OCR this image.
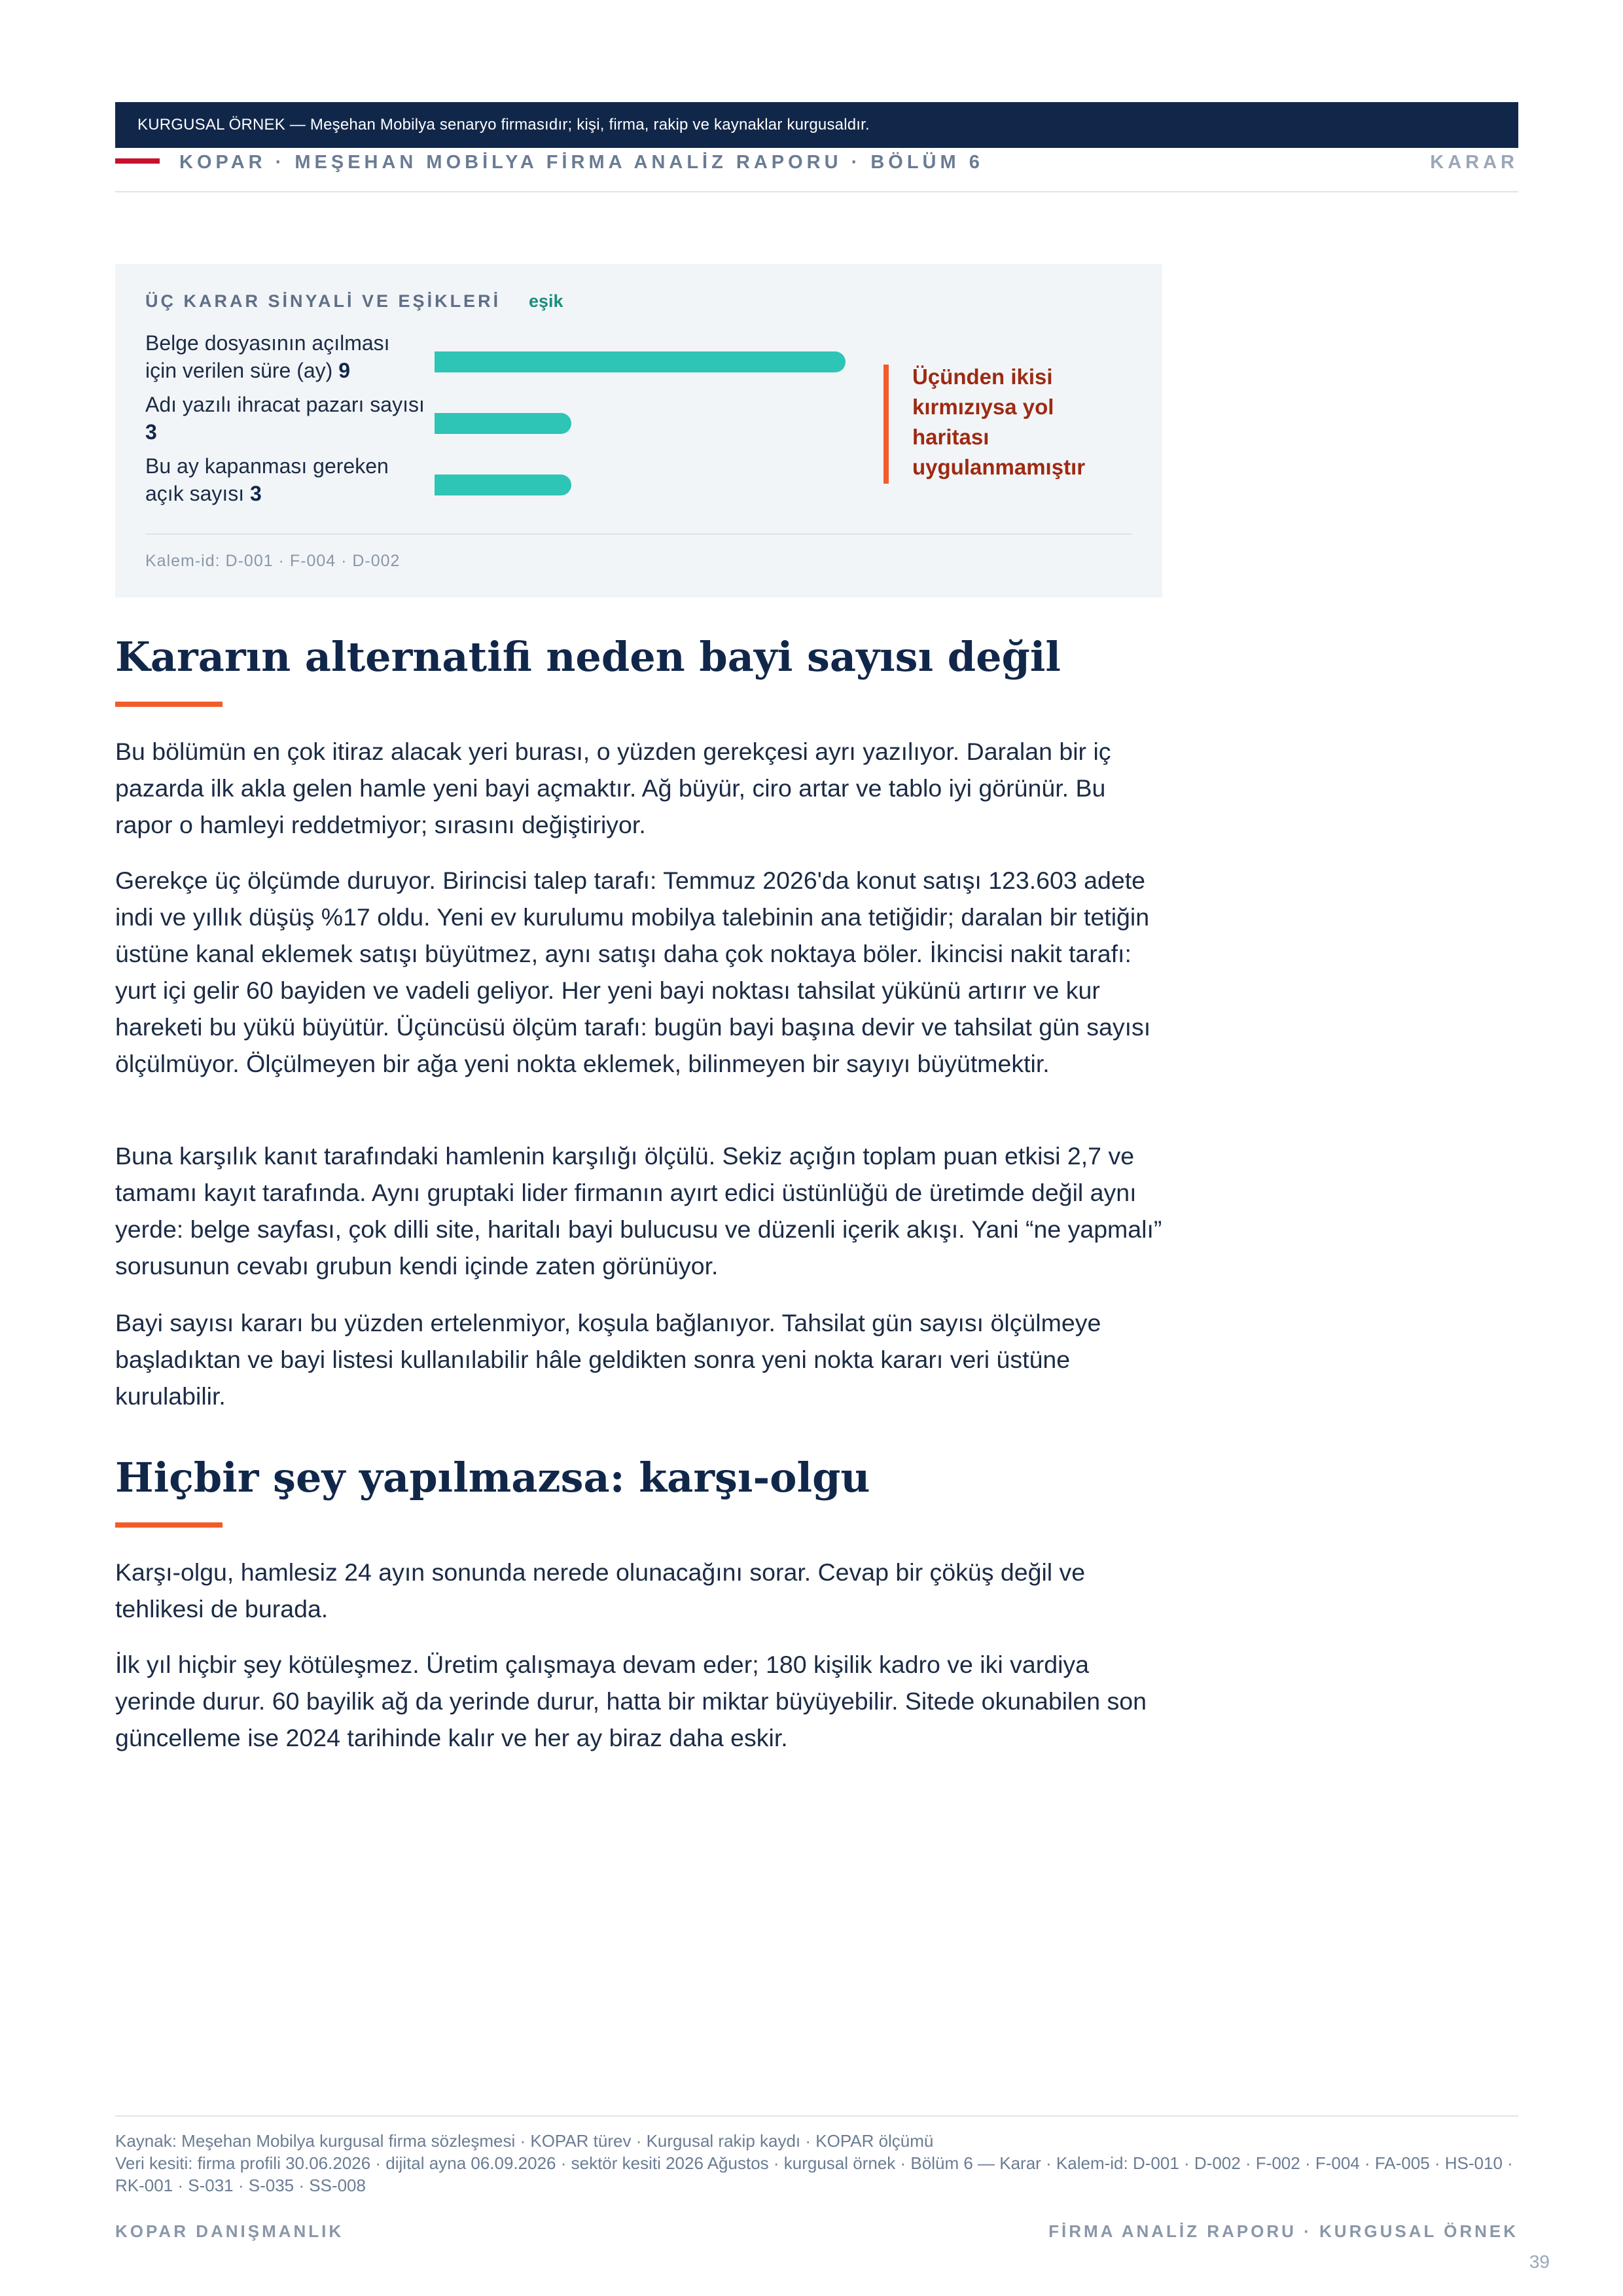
KURGUSAL ÖRNEK — Meşehan Mobilya senaryo firmasıdır; kişi, firma, rakip ve kaynaklar kurgusaldır.
KOPAR · MEŞEHAN MOBİLYA FİRMA ANALİZ RAPORU · BÖLÜM 6	KARAR
ÜÇ KARAR SİNYALİ VE EŞİKLERİ eşik
Belge dosyasının açılması için verilen süre (ay) 9
Adı yazılı ihracat pazarı sayısı 3
Bu ay kapanması gereken açık sayısı 3
Üçünden ikisi kırmızıysa yol haritası uygulanmamıştır
Kalem-id: D-001 · F-004 · D-002
Kararın alternatifi neden bayi sayısı değil
Bu bölümün en çok itiraz alacak yeri burası, o yüzden gerekçesi ayrı yazılıyor. Daralan bir iç pazarda ilk akla gelen hamle yeni bayi açmaktır. Ağ büyür, ciro artar ve tablo iyi görünür. Bu rapor o hamleyi reddetmiyor; sırasını değiştiriyor.
Gerekçe üç ölçümde duruyor. Birincisi talep tarafı: Temmuz 2026'da konut satışı 123.603 adete indi ve yıllık düşüş %17 oldu. Yeni ev kurulumu mobilya talebinin ana tetiğidir; daralan bir tetiğin üstüne kanal eklemek satışı büyütmez, aynı satışı daha çok noktaya böler. İkincisi nakit tarafı: yurt içi gelir 60 bayiden ve vadeli geliyor. Her yeni bayi noktası tahsilat yükünü artırır ve kur hareketi bu yükü büyütür. Üçüncüsü ölçüm tarafı: bugün bayi başına devir ve tahsilat gün sayısı ölçülmüyor. Ölçülmeyen bir ağa yeni nokta eklemek, bilinmeyen bir sayıyı büyütmektir.
Buna karşılık kanıt tarafındaki hamlenin karşılığı ölçülü. Sekiz açığın toplam puan etkisi 2,7 ve tamamı kayıt tarafında. Aynı gruptaki lider firmanın ayırt edici üstünlüğü de üretimde değil aynı yerde: belge sayfası, çok dilli site, haritalı bayi bulucusu ve düzenli içerik akışı. Yani “ne yapmalı” sorusunun cevabı grubun kendi içinde zaten görünüyor.
Bayi sayısı kararı bu yüzden ertelenmiyor, koşula bağlanıyor. Tahsilat gün sayısı ölçülmeye başladıktan ve bayi listesi kullanılabilir hâle geldikten sonra yeni nokta kararı veri üstüne kurulabilir.
Hiçbir şey yapılmazsa: karşı-olgu
Karşı-olgu, hamlesiz 24 ayın sonunda nerede olunacağını sorar. Cevap bir çöküş değil ve tehlikesi de burada.
İlk yıl hiçbir şey kötüleşmez. Üretim çalışmaya devam eder; 180 kişilik kadro ve iki vardiya yerinde durur. 60 bayilik ağ da yerinde durur, hatta bir miktar büyüyebilir. Sitede okunabilen son güncelleme ise 2024 tarihinde kalır ve her ay biraz daha eskir.
Kaynak: Meşehan Mobilya kurgusal firma sözleşmesi · KOPAR türev · Kurgusal rakip kaydı · KOPAR ölçümü
Veri kesiti: firma profili 30.06.2026 · dijital ayna 06.09.2026 · sektör kesiti 2026 Ağustos · kurgusal örnek · Bölüm 6 — Karar · Kalem-id: D-001 · D-002 · F-002 · F-004 · FA-005 · HS-010 · RK-001 · S-031 · S-035 · SS-008
KOPAR DANIŞMANLIK	FİRMA ANALİZ RAPORU · KURGUSAL ÖRNEK
39
